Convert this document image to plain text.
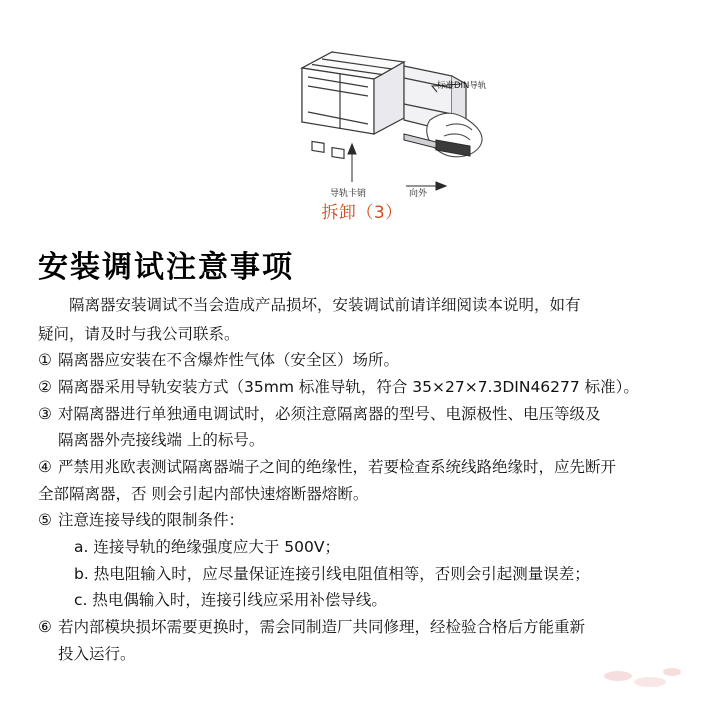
标准DIN导轨
导轨卡销	向外
拆卸（3）
安装调试注意事项
隔离器安装调试不当会造成产品损坏，安装调试前请详细阅读本说明，如有
疑问，请及时与我公司联系。
① 隔离器应安装在不含爆炸性气体（安全区）场所。
② 隔离器采用导轨安装方式（35mm 标准导轨，符合 35×27×7.3DIN46277 标准）。
③ 对隔离器进行单独通电调试时，必须注意隔离器的型号、电源极性、电压等级及
隔离器外壳接线端 上的标号。
④ 严禁用兆欧表测试隔离器端子之间的绝缘性，若要检查系统线路绝缘时，应先断开
全部隔离器，否 则会引起内部快速熔断器熔断。
⑤ 注意连接导线的限制条件：
a. 连接导轨的绝缘强度应大于 500V；
b. 热电阻输入时，应尽量保证连接引线电阻值相等，否则会引起测量误差；
c. 热电偶输入时，连接引线应采用补偿导线。
⑥ 若内部模块损坏需要更换时，需会同制造厂共同修理，经检验合格后方能重新
投入运行。
